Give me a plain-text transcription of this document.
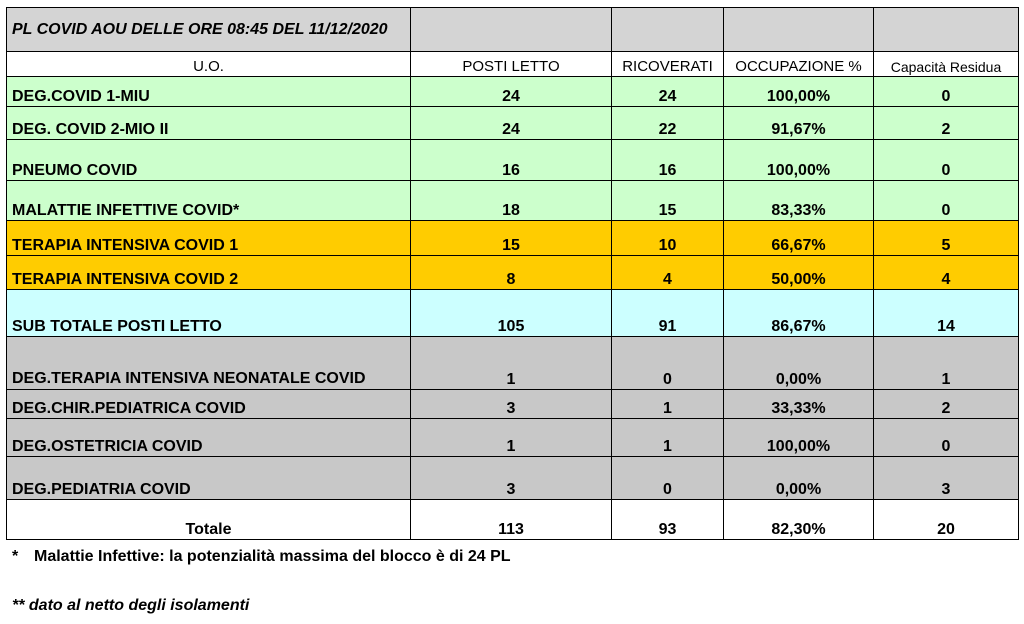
PL COVID AOU DELLE ORE 08:45 DEL 11/12/2020				
U.O.	POSTI LETTO	RICOVERATI	OCCUPAZIONE %	Capacità Residua
DEG.COVID 1-MIU	24	24	100,00%	0
DEG. COVID 2-MIO II	24	22	91,67%	2
PNEUMO COVID	16	16	100,00%	0
MALATTIE INFETTIVE COVID*	18	15	83,33%	0
TERAPIA INTENSIVA COVID 1	15	10	66,67%	5
TERAPIA INTENSIVA COVID 2	8	4	50,00%	4
SUB TOTALE POSTI LETTO	105	91	86,67%	14
DEG.TERAPIA INTENSIVA NEONATALE COVID	1	0	0,00%	1
DEG.CHIR.PEDIATRICA COVID	3	1	33,33%	2
DEG.OSTETRICIA COVID	1	1	100,00%	0
DEG.PEDIATRIA COVID	3	0	0,00%	3
Totale	113	93	82,30%	20
* Malattie Infettive: la potenzialità massima del blocco è di 24 PL
** dato al netto degli isolamenti
